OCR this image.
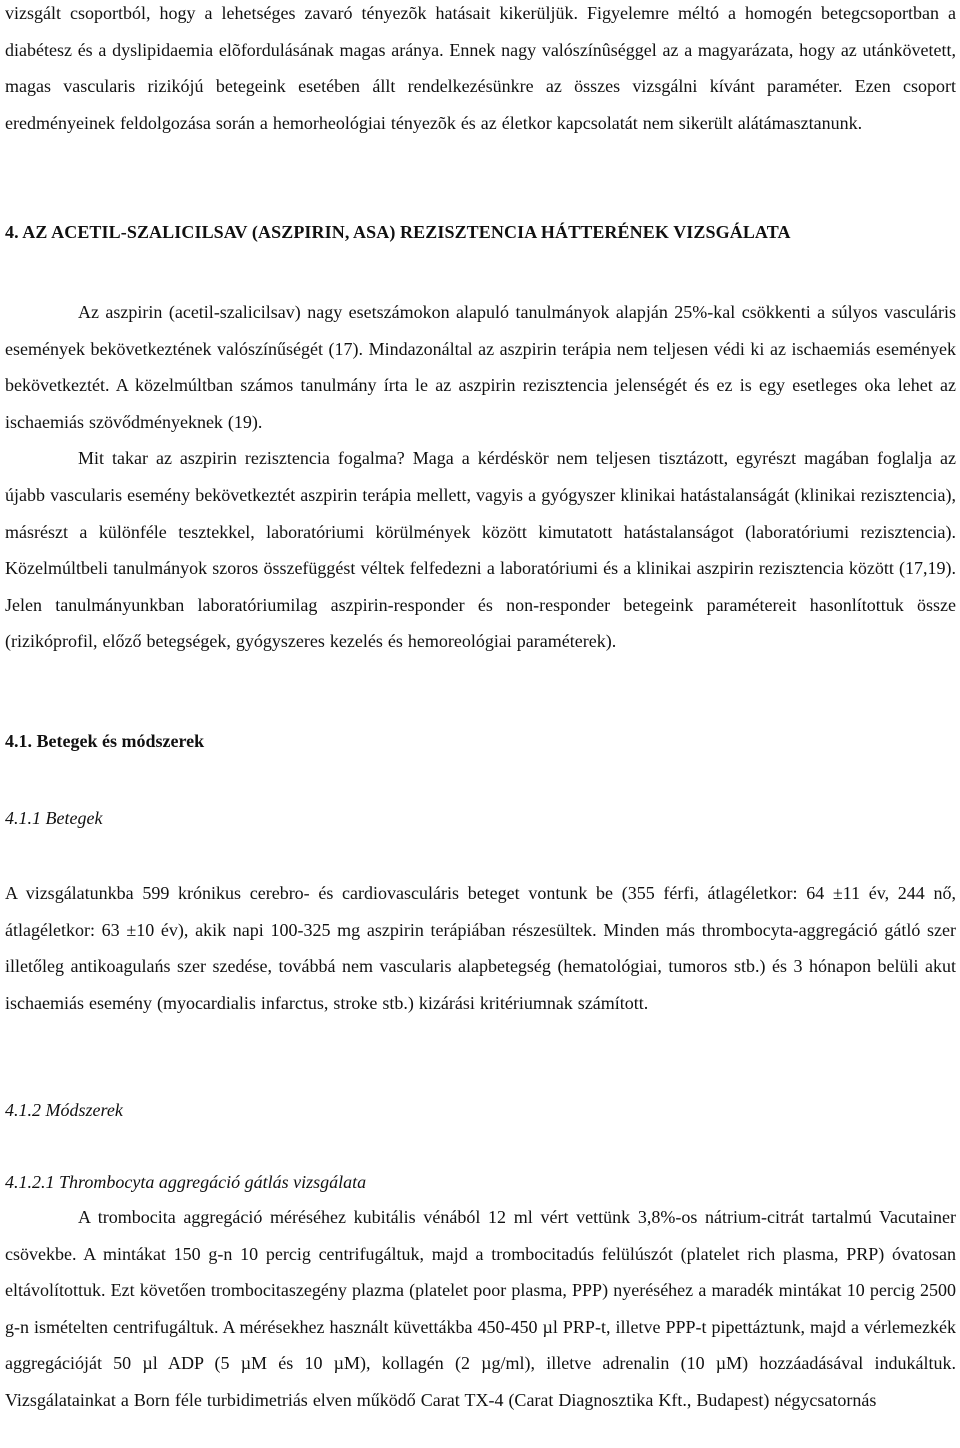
vizsgált csoportból, hogy a lehetséges zavaró tényezõk hatásait kikerüljük. Figyelemre méltó a homogén betegcsoportban a diabétesz és a dyslipidaemia elõfordulásának magas aránya. Ennek nagy valószínûséggel az a magyarázata, hogy az utánkövetett, magas vascularis rizikójú betegeink esetében állt rendelkezésünkre az összes vizsgálni kívánt paraméter. Ezen csoport eredményeinek feldolgozása során a hemorheológiai tényezõk és az életkor kapcsolatát nem sikerült alátámasztanunk.

4. AZ ACETIL-SZALICILSAV (ASZPIRIN, ASA) REZISZTENCIA HÁTTERÉNEK VIZSGÁLATA

Az aszpirin (acetil-szalicilsav) nagy esetszámokon alapuló tanulmányok alapján 25%-kal csökkenti a súlyos vasculáris események bekövetkeztének valószínűségét (17). Mindazonáltal az aszpirin terápia nem teljesen védi ki az ischaemiás események bekövetkeztét. A közelmúltban számos tanulmány írta le az aszpirin rezisztencia jelenségét és ez is egy esetleges oka lehet az ischaemiás szövődményeknek (19).

Mit takar az aszpirin rezisztencia fogalma? Maga a kérdéskör nem teljesen tisztázott, egyrészt magában foglalja az újabb vascularis esemény bekövetkeztét aszpirin terápia mellett, vagyis a gyógyszer klinikai hatástalanságát (klinikai rezisztencia), másrészt a különféle tesztekkel, laboratóriumi körülmények között kimutatott hatástalanságot (laboratóriumi rezisztencia). Közelmúltbeli tanulmányok szoros összefüggést véltek felfedezni a laboratóriumi és a klinikai aszpirin rezisztencia között (17,19). Jelen tanulmányunkban laboratóriumilag aszpirin-responder és non-responder betegeink paramétereit hasonlítottuk össze (rizikóprofil, előző betegségek, gyógyszeres kezelés és hemoreológiai paraméterek).

4.1. Betegek és módszerek

4.1.1 Betegek

A vizsgálatunkba 599 krónikus cerebro- és cardiovasculáris beteget vontunk be (355 férfi, átlagéletkor: 64 ±11 év, 244 nő, átlagéletkor: 63 ±10 év), akik napi 100-325 mg aszpirin terápiában részesültek. Minden más thrombocyta-aggregáció gátló szer illetőleg antikoagulańs szer szedése, továbbá nem vascularis alapbetegség (hematológiai, tumoros stb.) és 3 hónapon belüli akut ischaemiás esemény (myocardialis infarctus, stroke stb.) kizárási kritériumnak számított.

4.1.2 Módszerek

4.1.2.1 Thrombocyta aggregáció gátlás vizsgálata

A trombocita aggregáció méréséhez kubitális vénából 12 ml vért vettünk 3,8%-os nátrium-citrát tartalmú Vacutainer csövekbe. A mintákat 150 g-n 10 percig centrifugáltuk, majd a trombocitadús felülúszót (platelet rich plasma, PRP) óvatosan eltávolítottuk. Ezt követően trombocitaszegény plazma (platelet poor plasma, PPP) nyeréséhez a maradék mintákat 10 percig 2500 g-n ismételten centrifugáltuk. A mérésekhez használt küvettákba 450-450 µl PRP-t, illetve PPP-t pipettáztunk, majd a vérlemezkék aggregációját 50 µl ADP (5 µM és 10 µM), kollagén (2 µg/ml), illetve adrenalin (10 µM) hozzáadásával indukáltuk. Vizsgálatainkat a Born féle turbidimetriás elven működő Carat TX-4 (Carat Diagnosztika Kft., Budapest) négycsatornás
